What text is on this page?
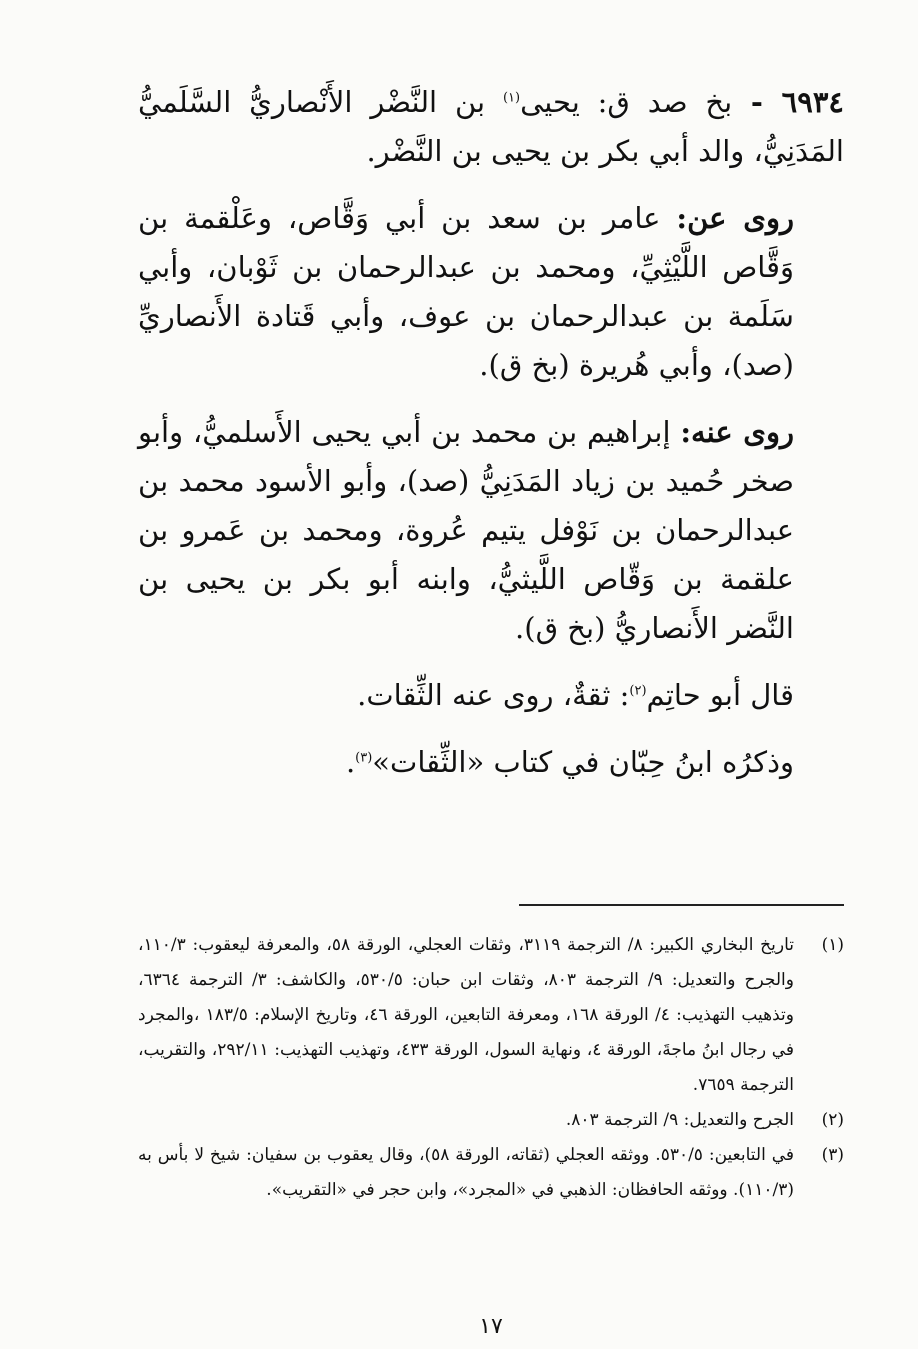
٦٩٣٤ - بخ صد ق: يحيى$^{(١)}$ بن النَّضْر الأَنْصاريُّ السَّلَميُّ المَدَنِيُّ، والد أبي بكر بن يحيى بن النَّضْر.

روى عن: عامر بن سعد بن أبي وَقَّاص، وعَلْقمة بن وَقَّاص اللَّيْثِيِّ، ومحمد بن عبدالرحمان بن ثَوْبان، وأبي سَلَمة بن عبدالرحمان بن عوف، وأبي قَتادة الأَنصاريِّ (صد)، وأبي هُريرة (بخ ق).

روى عنه: إبراهيم بن محمد بن أبي يحيى الأَسلميُّ، وأبو صخر حُميد بن زياد المَدَنِيُّ (صد)، وأبو الأسود محمد بن عبدالرحمان بن نَوْفل يتيم عُروة، ومحمد بن عَمرو بن علقمة بن وَقّاص اللَّيثيُّ، وابنه أبو بكر بن يحيى بن النَّضر الأَنصاريُّ (بخ ق).

قال أبو حاتِم$^{(٢)}$: ثقةٌ، روى عنه الثِّقات.

وذكرُه ابنُ حِبّان في كتاب «الثِّقات»$^{(٣)}$.

(١)
تاريخ البخاري الكبير: ٨/ الترجمة ٣١١٩، وثقات العجلي، الورقة ٥٨، والمعرفة ليعقوب: ١١٠/٣، والجرح والتعديل: ٩/ الترجمة ٨٠٣، وثقات ابن حبان: ٥٣٠/٥، والكاشف: ٣/ الترجمة ٦٣٦٤، وتذهيب التهذيب: ٤/ الورقة ١٦٨، ومعرفة التابعين، الورقة ٤٦، وتاريخ الإسلام: ١٨٣/٥ ،والمجرد في رجال ابنُ ماجةَ، الورقة ٤، ونهاية السول، الورقة ٤٣٣، وتهذيب التهذيب: ٢٩٢/١١، والتقريب، الترجمة ٧٦٥٩.
(٢)
الجرح والتعديل: ٩/ الترجمة ٨٠٣.
(٣)
في التابعين: ٥٣٠/٥. ووثقه العجلي (ثقاته، الورقة ٥٨)، وقال يعقوب بن سفيان: شيخ لا بأس به (١١٠/٣). ووثقه الحافظان: الذهبي في «المجرد»، وابن حجر في «التقريب».
١٧
